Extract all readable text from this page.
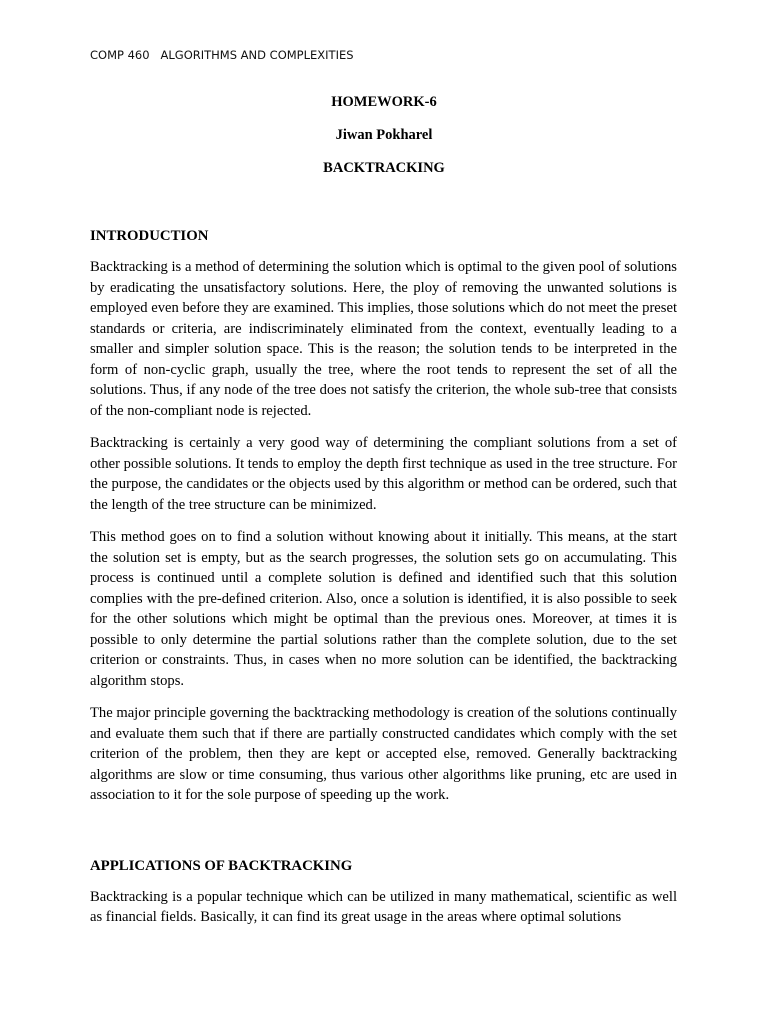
COMP 460   ALGORITHMS AND COMPLEXITIES
HOMEWORK-6
Jiwan Pokharel
BACKTRACKING
INTRODUCTION

Backtracking is a method of determining the solution which is optimal to the given pool of solutions by eradicating the unsatisfactory solutions. Here, the ploy of removing the unwanted solutions is employed even before they are examined. This implies, those solutions which do not meet the preset standards or criteria, are indiscriminately eliminated from the context, eventually leading to a smaller and simpler solution space. This is the reason; the solution tends to be interpreted in the form of non-cyclic graph, usually the tree, where the root tends to represent the set of all the solutions. Thus, if any node of the tree does not satisfy the criterion, the whole sub-tree that consists of the non-compliant node is rejected.

Backtracking is certainly a very good way of determining the compliant solutions from a set of other possible solutions. It tends to employ the depth first technique as used in the tree structure. For the purpose, the candidates or the objects used by this algorithm or method can be ordered, such that the length of the tree structure can be minimized.

This method goes on to find a solution without knowing about it initially. This means, at the start the solution set is empty, but as the search progresses, the solution sets go on accumulating. This process is continued until a complete solution is defined and identified such that this solution complies with the pre-defined criterion. Also, once a solution is identified, it is also possible to seek for the other solutions which might be optimal than the previous ones. Moreover, at times it is possible to only determine the partial solutions rather than the complete solution, due to the set criterion or constraints. Thus, in cases when no more solution can be identified, the backtracking algorithm stops.

The major principle governing the backtracking methodology is creation of the solutions continually and evaluate them such that if there are partially constructed candidates which comply with the set criterion of the problem, then they are kept or accepted else, removed. Generally backtracking algorithms are slow or time consuming, thus various other algorithms like pruning, etc are used in association to it for the sole purpose of speeding up the work.

APPLICATIONS OF BACKTRACKING

Backtracking is a popular technique which can be utilized in many mathematical, scientific as well as financial fields. Basically, it can find its great usage in the areas where optimal solutions
